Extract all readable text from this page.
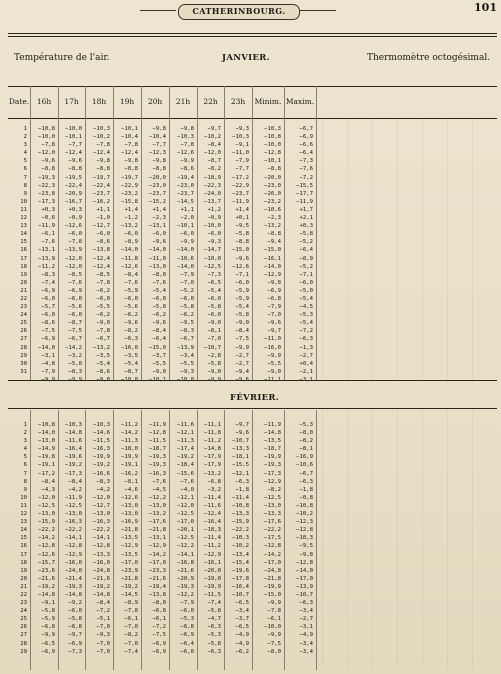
CATHERINBOURG.	101
Température de l'air.	JANVIER.	Thermomètre octogésimal.
Date.	16h	17h	18h	19h	20h	21h	22h	23h	Minim. Maxim.
1	−10,8	−10,0	−10,3	−10,1	−9,8	−9,8	−9,7	−9,3	−10,3	−6,7
2	−10,0	−10,1	−10,2	−10,4	−10,4	−10,3	−10,2	−10,3	−10,8	−6,9
3	−7,8	−7,7	−7,8	−7,8	−7,7	−7,8	−8,4	−9,1	−10,0	−6,6
4	−12,0	−12,4	−12,4	−12,4	−12,3	−12,6	−12,0	−11,0	−12,8	−6,4
5	−9,6	−9,6	−9,8	−9,8	−9,8	−9,9	−8,7	−7,9	−10,1	−7,3
6	−8,8	−8,8	−8,8	−8,8	−8,8	−8,6	−8,2	−7,7	−8,8	−7,6
7	−19,3	−19,5	−19,7	−19,7	−20,0	−19,4	−18,9	−17,2	−20,0	−7,2
8	−22,3	−22,4	−22,4	−22,9	−23,0	−23,0	−22,3	−22,9	−23,0	−15,5
9	−23,8	−20,9	−23,7	−23,2	−23,7	−23,7	−24,0	−23,7	−26,0	−17,7
10	−17,3	−16,7	−16,2	−15,8	−15,2	−14,5	−13,7	−11,9	−23,2	−11,9
11	+0,3	+0,3	+1,1	+1,4	+1,4	+1,1	+1,2	+1,4	−10,6	+1,7
12	−0,6	−0,9	−1,0	−1,2	−2,3	−2,0	−0,9	+0,1	−2,3	+2,1
13	−11,9	−12,6	−12,7	−13,2	−13,1	−10,1	−10,0	−9,5	−13,2	+0,3
14	−6,1	−6,0	−6,0	−6,0	−6,0	−6,0	−6,0	−5,8	−8,8	−5,8
15	−7,6	−7,8	−8,6	−8,9	−9,6	−9,9	−9,3	−8,8	−9,4	−5,2
16	−13,1	−13,9	−13,8	−14,0	−14,0	−14,0	−14,7	−15,0	−15,0	−6,4
17	−13,9	−12,0	−12,4	−11,8	−11,0	−10,6	−10,0	−9,6	−16,1	−8,9
18	−11,2	−12,0	−12,4	−12,6	−13,0	−14,0	−12,5	−12,6	−14,0	−5,2
19	−8,3	−8,5	−8,5	−8,4	−8,0	−7,9	−7,3	−7,1	−12,9	−7,1
20	−7,4	−7,6	−7,8	−7,6	−7,6	−7,0	−6,5	−6,0	−9,8	−6,0
21	−6,9	−6,9	−6,2	−5,9	−5,4	−5,2	−5,4	−5,9	−6,9	−5,0
22	−6,0	−6,0	−6,0	−6,0	−6,0	−6,0	−6,0	−5,9	−6,8	−5,4
23	−5,7	−5,6	−5,5	−5,6	−5,8	−5,8	−5,8	−5,4	−7,9	−4,5
24	−6,0	−6,0	−6,2	−6,2	−6,2	−6,2	−6,0	−5,8	−7,0	−5,3
25	−8,6	−8,7	−9,0	−9,6	−9,6	−9,5	−9,0	−9,0	−9,6	−5,4
26	−7,5	−7,5	−7,8	−8,2	−8,4	−8,3	−8,1	−8,4	−9,7	−7,2
27	−6,9	−6,7	−6,7	−6,3	−6,4	−6,7	−7,0	−7,5	−11,0	−6,3
28	−14,0	−14,2	−13,2	−16,0	−15,0	−13,9	−10,7	−9,9	−16,0	−1,3
29	−3,1	−3,2	−3,5	−3,5	−3,7	−3,4	−2,8	−2,7	−9,9	−2,7
30	−4,8	−5,0	−5,4	−5,4	−5,5	−5,5	−5,8	−2,7	−5,5	+0,4
31	−7,9	−8,3	−8,6	−8,7	−9,0	−9,3	−9,0	−9,4	−9,0	−2,1
FÉVRIER.
1	−10,8	−10,3	−10,3	−11,2	−11,9	−11,6	−11,1	−9,7	−11,9	−5,3
2	−14,0	−14,8	−14,6	−14,2	−12,8	−12,1	−11,8	−9,6	−14,8	−8,0
3	−13,0	−11,6	−11,5	−11,3	−11,5	−11,3	−11,2	−10,7	−13,5	−8,2
4	−14,9	−16,4	−16,3	−18,0	−18,7	−17,4	−14,8	−13,3	−18,7	−8,1
5	−19,8	−19,6	−19,9	−19,9	−19,3	−19,2	−17,9	−18,1	−19,9	−16,9
6	−19,1	−19,2	−19,2	−19,1	−19,3	−18,4	−17,9	−15,5	−19,3	−10,6
7	−17,2	−17,3	−16,6	−16,2	−16,3	−15,6	−13,2	−12,1	−17,3	−6,7
8	−8,4	−8,4	−8,3	−8,1	−7,6	−7,6	−6,8	−6,3	−12,9	−6,3
9	−4,3	−4,2	−4,2	−4,6	−4,5	−4,0	−3,2	−1,8	−8,2	−1,8
10	−12,0	−11,9	−12,0	−12,6	−12,2	−12,1	−11,4	−11,4	−12,5	−0,8
11	−12,5	−12,5	−12,7	−13,0	−13,0	−12,0	−11,6	−10,8	−13,0	−10,8
12	−13,0	−13,0	−13,0	−13,0	−13,2	−12,5	−12,4	−13,3	−13,3	−10,2
13	−15,9	−16,3	−16,3	−16,9	−17,6	−17,0	−16,4	−15,9	−17,6	−12,3
14	−22,2	−22,2	−22,2	−21,8	−21,8	−20,1	−18,3	−22,2	−22,2	−12,8
15	−14,2	−14,1	−14,1	−13,5	−13,1	−12,5	−11,4	−10,3	−17,5	−10,3
16	−12,8	−12,8	−12,8	−12,9	−12,9	−12,2	−11,2	−10,2	−12,8	−9,5
17	−12,6	−12,9	−13,3	−13,5	−14,2	−14,1	−12,9	−13,4	−14,2	−9,8
18	−15,7	−16,0	−16,0	−17,0	−17,0	−16,8	−16,1	−15,4	−17,0	−12,8
19	−23,6	−24,0	−24,8	−23,9	−23,3	−21,6	−20,0	−19,6	−24,8	−14,0
20	−21,6	−21,4	−21,6	−21,8	−21,6	−20,9	−19,0	−17,8	−21,8	−17,0
21	−19,2	−19,3	−19,2	−19,2	−19,4	−19,3	−19,9	−16,4	−19,9	−13,9
22	−14,8	−14,8	−14,8	−14,5	−13,8	−12,2	−11,5	−10,7	−15,0	−10,7
23	−9,1	−9,2	−8,4	−8,9	−8,0	−7,9	−7,4	−6,5	−9,9	−6,3
24	−5,8	−6,0	−7,2	−7,8	−6,8	−6,0	−5,8	−3,4	−7,8	−3,4
25	−5,9	−5,8	−5,1	−6,1	−6,1	−5,3	−4,7	−3,7	−6,1	−2,7
26	−6,8	−6,8	−7,0	−7,0	−7,2	−6,8	−6,3	−6,5	−10,0	−3,1
27	−9,9	−9,7	−9,3	−8,2	−7,5	−6,9	−5,3	−4,9	−9,9	−4,9
28	−6,5	−6,9	−7,0	−7,0	−6,9	−6,4	−5,8	−4,9	−7,5	−3,4
29	−6,9	−7,3	−7,0	−7,4	−6,9	−6,0	−6,3	−6,2	−8,0	−3,4
